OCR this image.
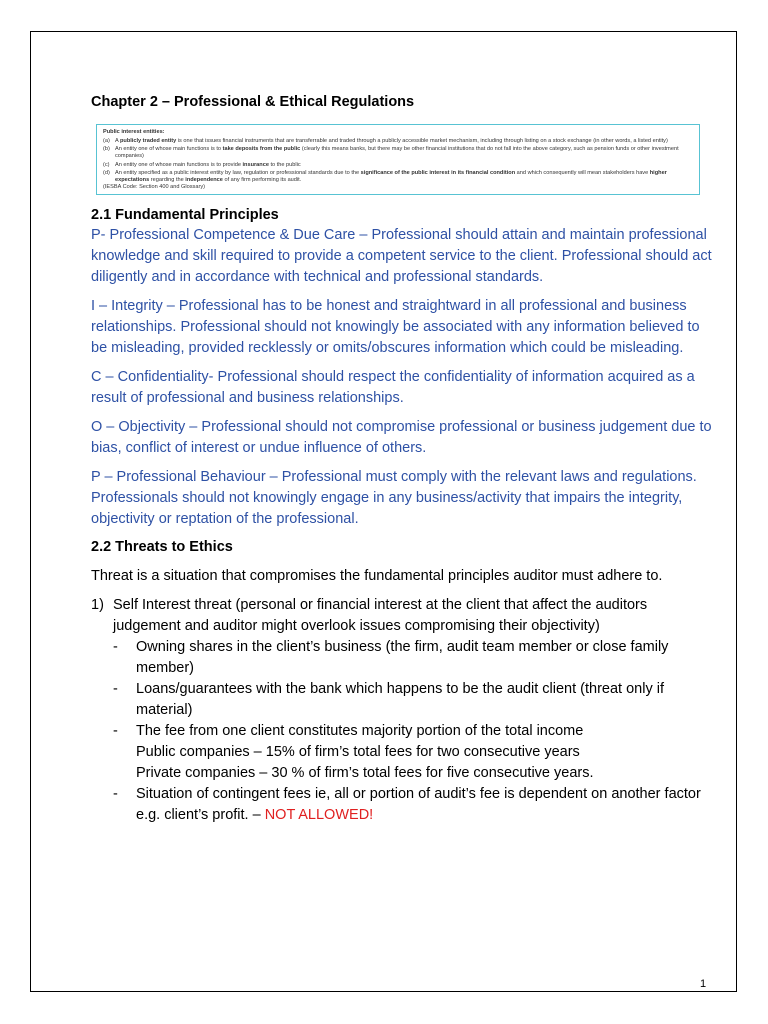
Chapter 2 – Professional & Ethical Regulations
Public interest entities:
(a) A publicly traded entity is one that issues financial instruments that are transferrable and traded through a publicly accessible market mechanism, including through listing on a stock exchange (in other words, a listed entity)
(b) An entity one of whose main functions is to take deposits from the public (clearly this means banks, but there may be other financial institutions that do not fall into the above category, such as pension funds or other investment companies)
(c) An entity one of whose main functions is to provide insurance to the public
(d) An entity specified as a public interest entity by law, regulation or professional standards due to the significance of the public interest in its financial condition and which consequently will mean stakeholders have higher expectations regarding the independence of any firm performing its audit.
(IESBA Code: Section 400 and Glossary)
2.1 Fundamental Principles

P- Professional Competence & Due Care – Professional should attain and maintain professional knowledge and skill required to provide a competent service to the client. Professional should act diligently and in accordance with technical and professional standards.

I – Integrity – Professional has to be honest and straightward in all professional and business relationships. Professional should not knowingly be associated with any information believed to be misleading, provided recklessly or omits/obscures information which could be misleading.

C – Confidentiality- Professional should respect the confidentiality of information acquired as a result of professional and business relationships.

O – Objectivity – Professional should not compromise professional or business judgement due to bias, conflict of interest or undue influence of others.

P – Professional Behaviour – Professional must comply with the relevant laws and regulations. Professionals should not knowingly engage in any business/activity that impairs the integrity, objectivity or reptation of the professional.

2.2 Threats to Ethics

Threat is a situation that compromises the fundamental principles auditor must adhere to.

1) Self Interest threat (personal or financial interest at the client that affect the auditors judgement and auditor might overlook issues compromising their objectivity)
-	Owning shares in the client’s business (the firm, audit team member or close family member)
-	Loans/guarantees with the bank which happens to be the audit client (threat only if material)
-	The fee from one client constitutes majority portion of the total income
Public companies – 15% of firm’s total fees for two consecutive years
Private companies – 30 % of firm’s total fees for five consecutive years.
-	Situation of contingent fees ie, all or portion of audit’s fee is dependent on another factor e.g. client’s profit. – NOT ALLOWED!
1
